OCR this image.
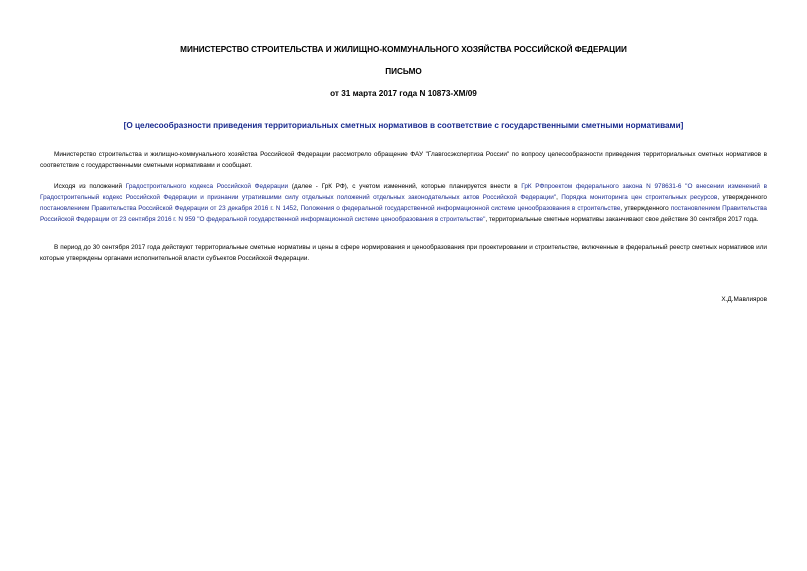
МИНИСТЕРСТВО СТРОИТЕЛЬСТВА И ЖИЛИЩНО-КОММУНАЛЬНОГО ХОЗЯЙСТВА РОССИЙСКОЙ ФЕДЕРАЦИИ
ПИСЬМО
от 31 марта 2017 года N 10873-ХМ/09
[О целесообразности приведения территориальных сметных нормативов в соответствие с государственными сметными нормативами]

Министерство строительства и жилищно-коммунального хозяйства Российской Федерации рассмотрело обращение ФАУ "Главгосэкспертиза России" по вопросу целесообразности приведения территориальных сметных нормативов в соответствие с государственными сметными нормативами и сообщает.

Исходя из положений Градостроительного кодекса Российской Федерации (далее - ГрК РФ), с учетом изменений, которые планируется внести в ГрК РФпроектом федерального закона N 978631-6 "О внесении изменений в Градостроительный кодекс Российской Федерации и признании утратившими силу отдельных положений отдельных законодательных актов Российской Федерации", Порядка мониторинга цен строительных ресурсов, утвержденного постановлением Правительства Российской Федерации от 23 декабря 2016 г. N 1452, Положения о федеральной государственной информационной системе ценообразования в строительстве, утвержденного постановлением Правительства Российской Федерации от 23 сентября 2016 г. N 959 "О федеральной государственной информационной системе ценообразования в строительстве", территориальные сметные нормативы заканчивают свое действие 30 сентября 2017 года.

В период до 30 сентября 2017 года действуют территориальные сметные нормативы и цены в сфере нормирования и ценообразования при проектировании и строительстве, включенные в федеральный реестр сметных нормативов или которые утверждены органами исполнительной власти субъектов Российской Федерации.

Х.Д.Мавлияров
